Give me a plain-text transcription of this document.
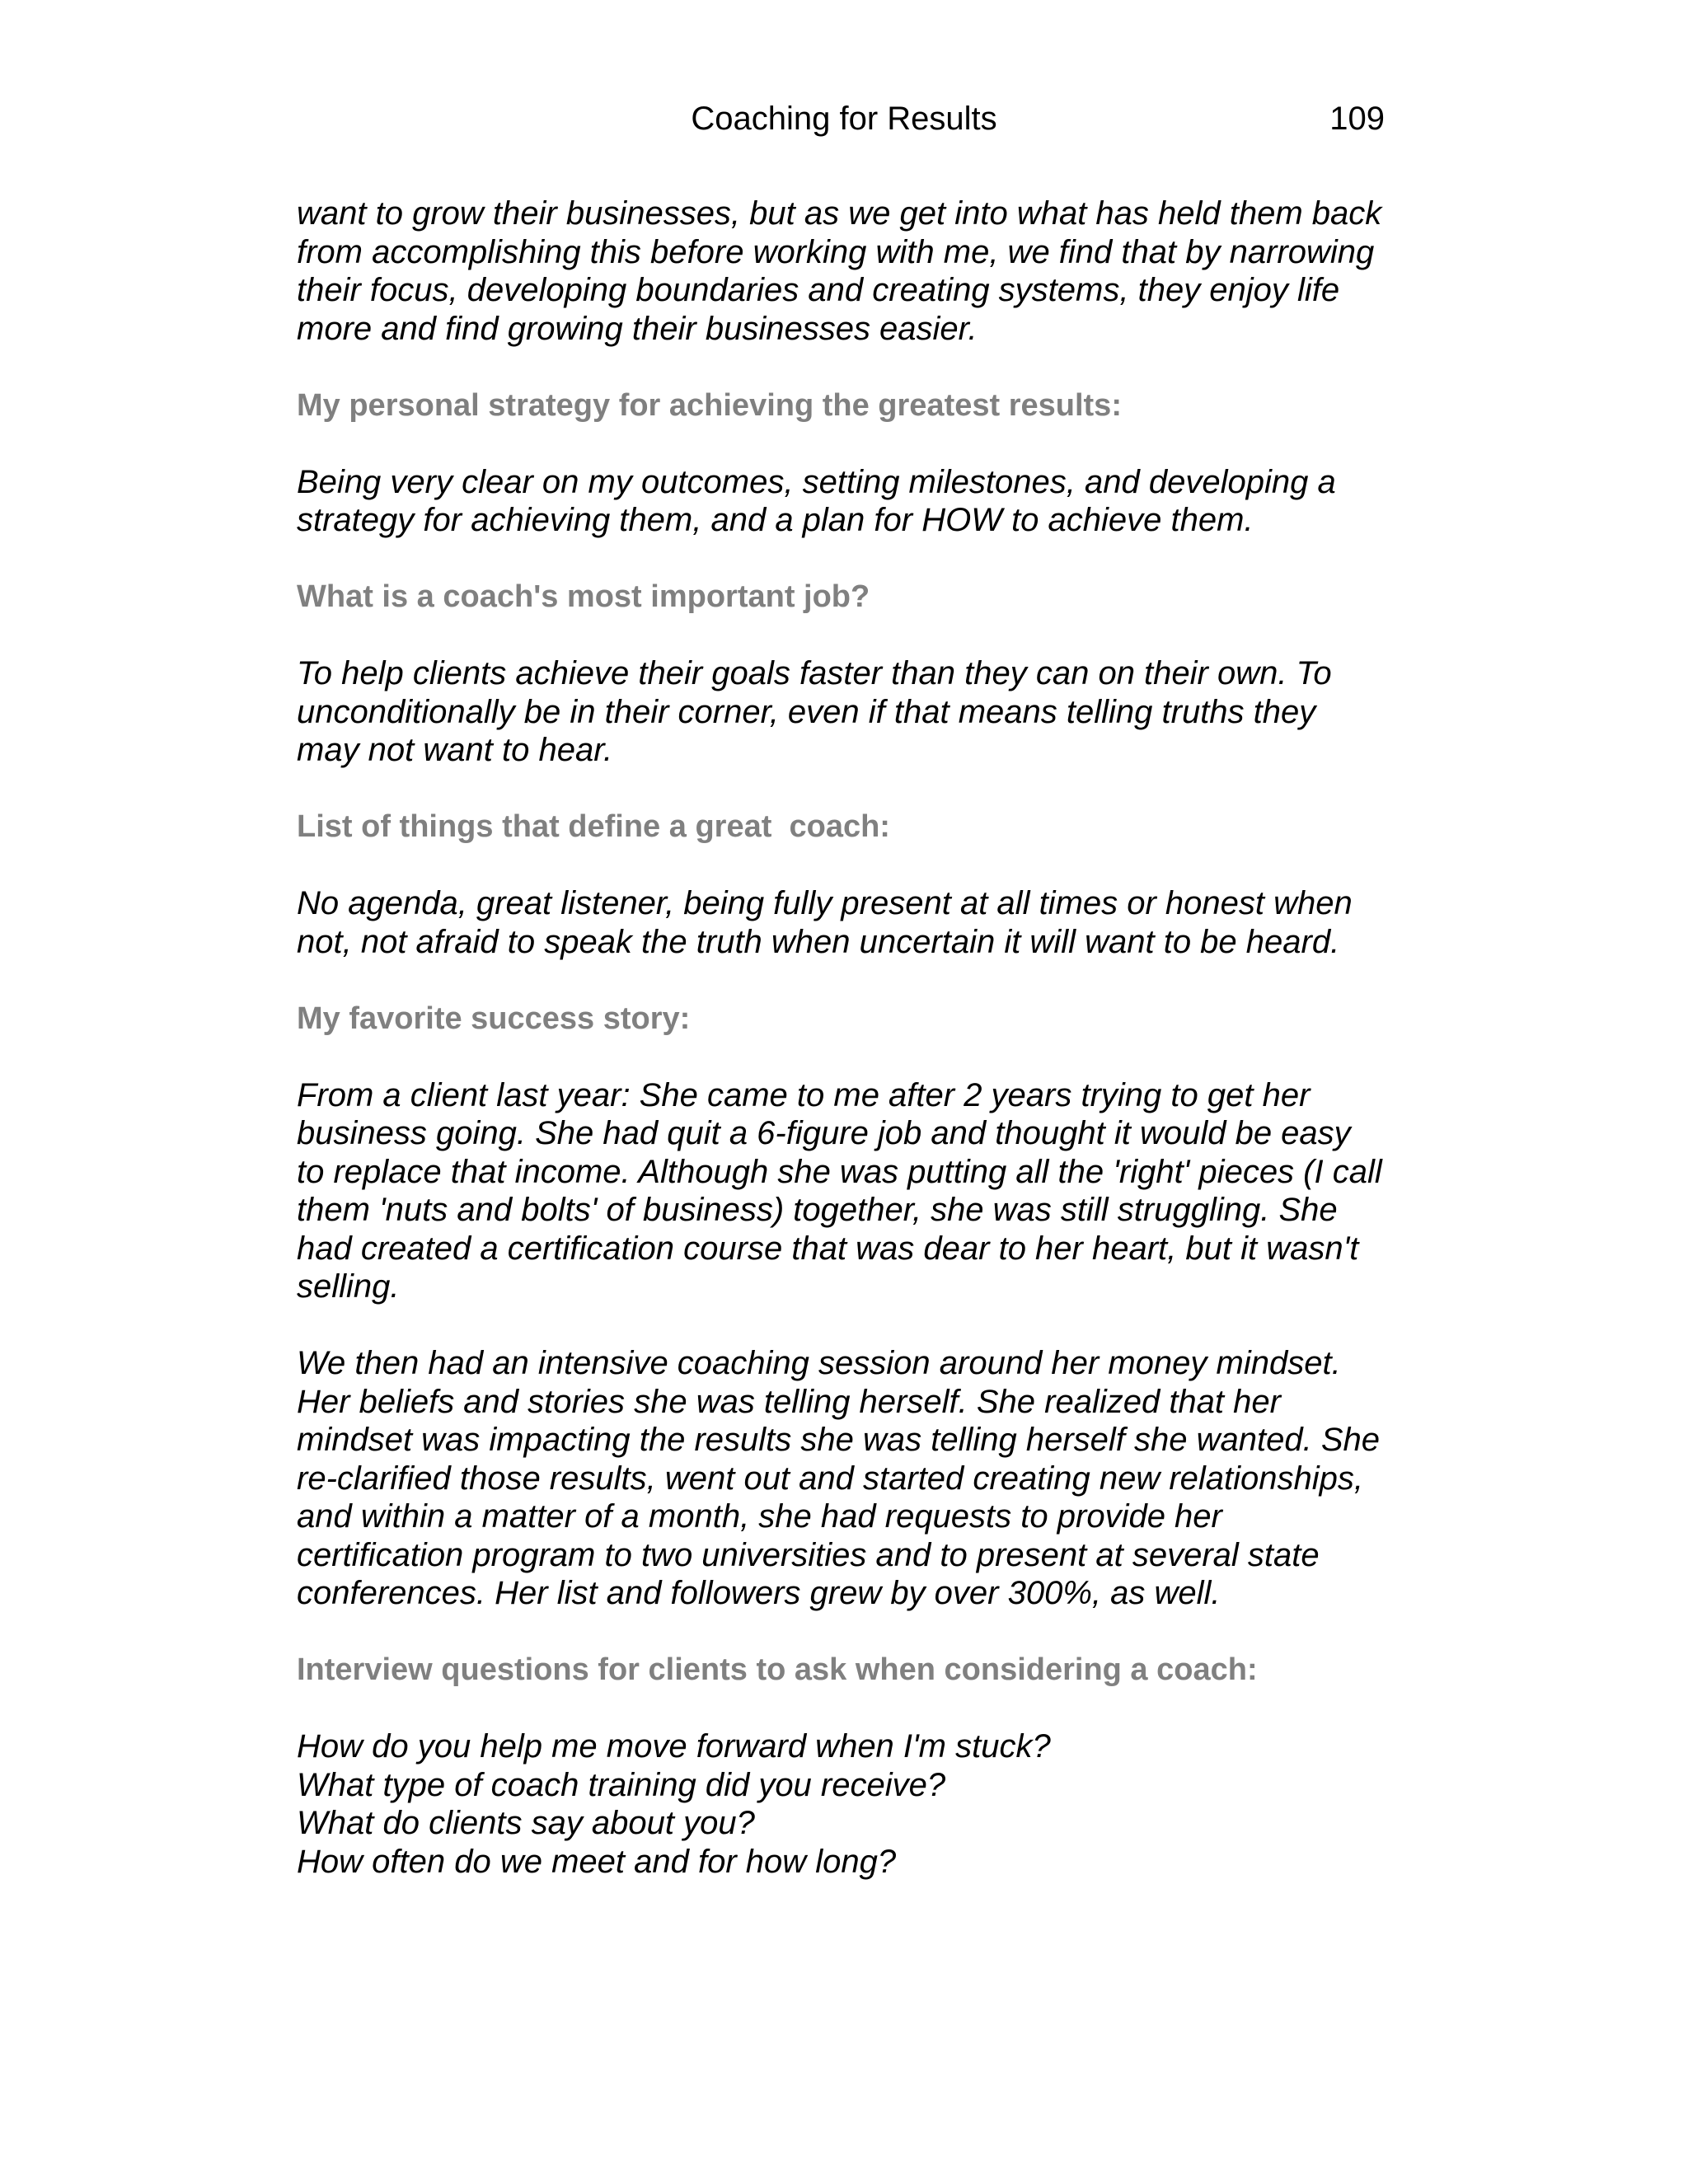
Coaching for Results	109

want to grow their businesses, but as we get into what has held them back
from accomplishing this before working with me, we find that by narrowing
their focus, developing boundaries and creating systems, they enjoy life
more and find growing their businesses easier.

My personal strategy for achieving the greatest results:

Being very clear on my outcomes, setting milestones, and developing a
strategy for achieving them, and a plan for HOW to achieve them.

What is a coach's most important job?

To help clients achieve their goals faster than they can on their own. To
unconditionally be in their corner, even if that means telling truths they
may not want to hear.

List of things that define a great  coach:

No agenda, great listener, being fully present at all times or honest when
not, not afraid to speak the truth when uncertain it will want to be heard.

My favorite success story:

From a client last year: She came to me after 2 years trying to get her
business going. She had quit a 6-figure job and thought it would be easy
to replace that income. Although she was putting all the 'right' pieces (I call
them 'nuts and bolts' of business) together, she was still struggling. She
had created a certification course that was dear to her heart, but it wasn't
selling.

We then had an intensive coaching session around her money mindset.
Her beliefs and stories she was telling herself. She realized that her
mindset was impacting the results she was telling herself she wanted. She
re-clarified those results, went out and started creating new relationships,
and within a matter of a month, she had requests to provide her
certification program to two universities and to present at several state
conferences. Her list and followers grew by over 300%, as well.

Interview questions for clients to ask when considering a coach:

How do you help me move forward when I'm stuck?

What type of coach training did you receive?

What do clients say about you?

How often do we meet and for how long?
